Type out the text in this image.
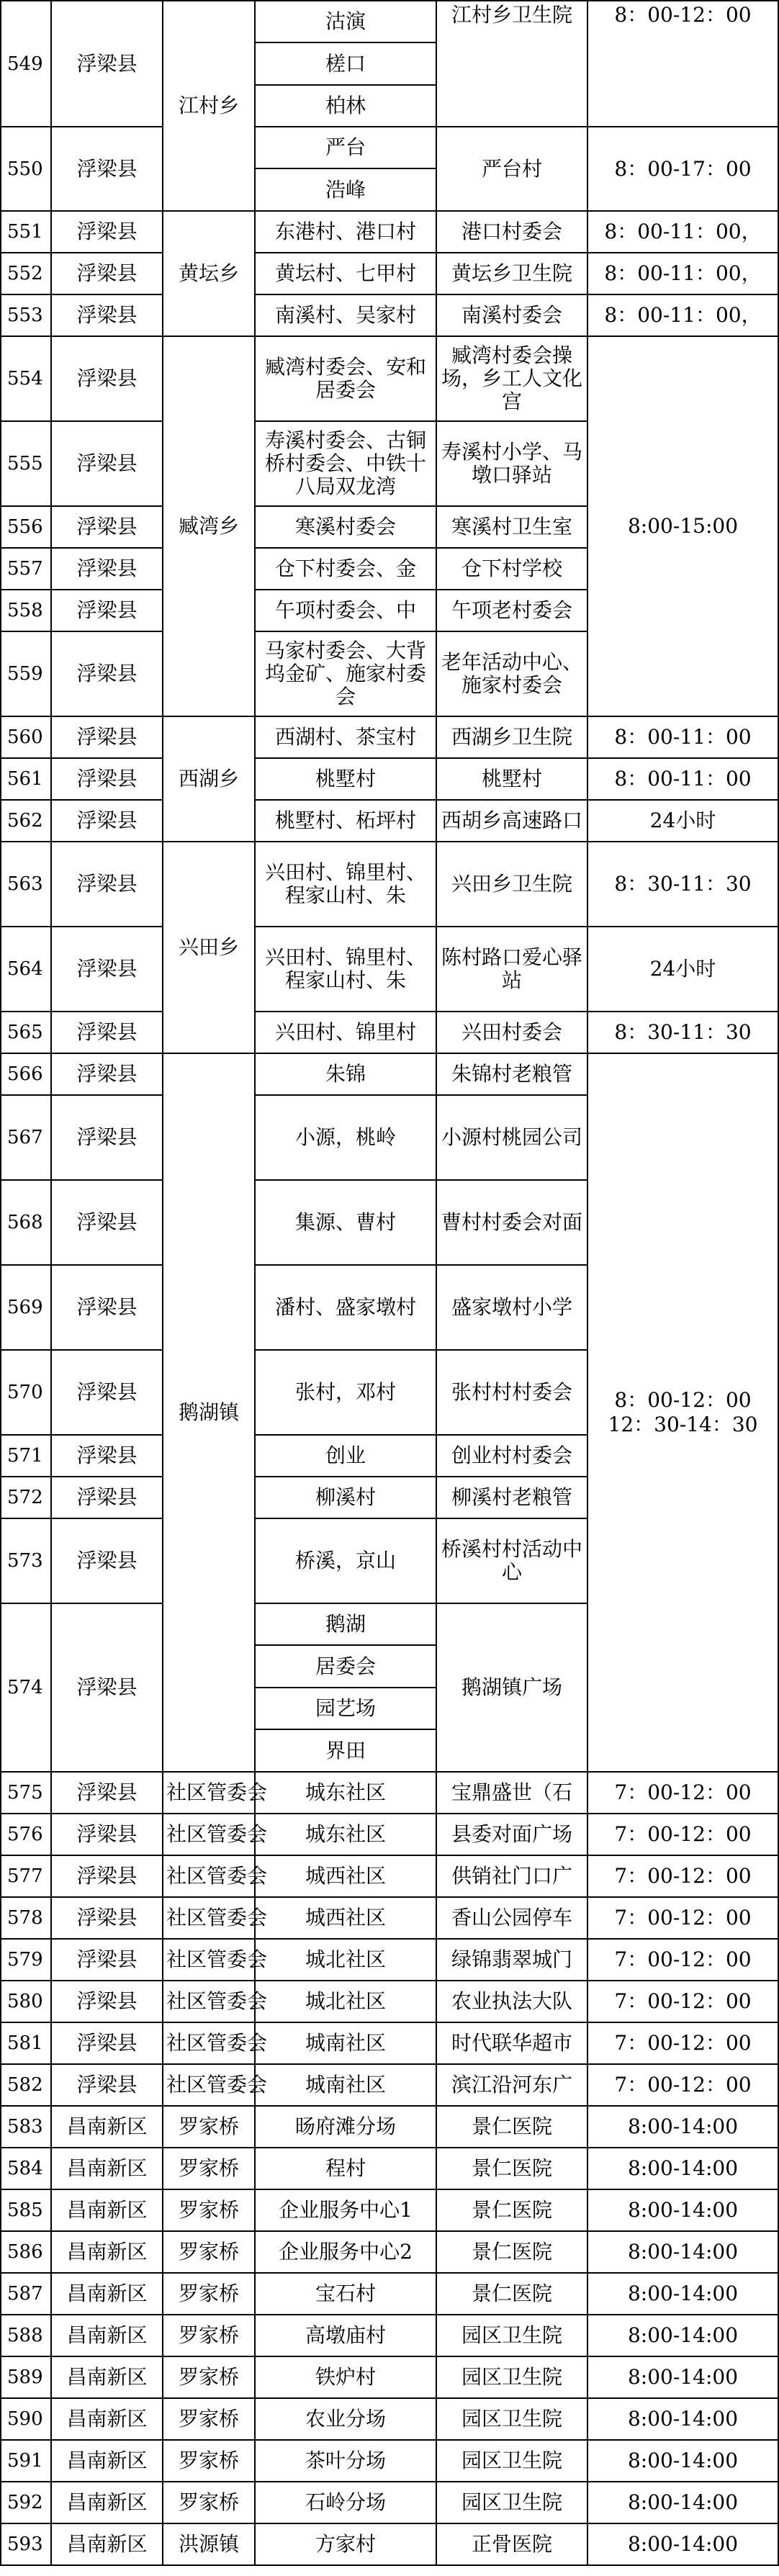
549	浮梁县	江村乡	沽演	江村乡卫生院	8：00-12：00
			槎口		
			柏林		
550	浮梁县		严台	严台村	8：00-17：00
			浩峰		
551	浮梁县	黄坛乡	东港村、港口村	港口村委会	8：00-11：00，
552	浮梁县		黄坛村、七甲村	黄坛乡卫生院	8：00-11：00，
553	浮梁县		南溪村、吴家村	南溪村委会	8：00-11：00，
554	浮梁县	臧湾乡	臧湾村委会、安和居委会	臧湾村委会操场，乡工人文化宫	8:00-15:00
555	浮梁县		寿溪村委会、古铜桥村委会、中铁十八局双龙湾	寿溪村小学、马墩口驿站	
556	浮梁县		寒溪村委会	寒溪村卫生室	
557	浮梁县		仓下村委会、金	仓下村学校	
558	浮梁县		午项村委会、中	午项老村委会	
559	浮梁县		马家村委会、大背坞金矿、施家村委会	老年活动中心、施家村委会	
560	浮梁县	西湖乡	西湖村、茶宝村	西湖乡卫生院	8：00-11：00
561	浮梁县		桃墅村	桃墅村	8：00-11：00
562	浮梁县		桃墅村、柘坪村	西胡乡高速路口	24小时
563	浮梁县	兴田乡	兴田村、锦里村、程家山村、朱	兴田乡卫生院	8：30-11：30
564	浮梁县		兴田村、锦里村、程家山村、朱	陈村路口爱心驿站	24小时
565	浮梁县		兴田村、锦里村	兴田村委会	8：30-11：30
566	浮梁县	鹅湖镇	朱锦	朱锦村老粮管	8：00-12：00
12：30-14：30
567	浮梁县		小源，桃岭	小源村桃园公司	
568	浮梁县		集源、曹村	曹村村委会对面	
569	浮梁县		潘村、盛家墩村	盛家墩村小学	
570	浮梁县		张村，邓村	张村村村委会	
571	浮梁县		创业	创业村村委会	
572	浮梁县		柳溪村	柳溪村老粮管	
573	浮梁县		桥溪，京山	桥溪村村活动中心	
574	浮梁县		鹅湖	鹅湖镇广场	
			居委会		
			园艺场		
			界田		
575	浮梁县	社区管委会	城东社区	宝鼎盛世（石	7：00-12：00
576	浮梁县	社区管委会	城东社区	县委对面广场	7：00-12：00
577	浮梁县	社区管委会	城西社区	供销社门口广	7：00-12：00
578	浮梁县	社区管委会	城西社区	香山公园停车	7：00-12：00
579	浮梁县	社区管委会	城北社区	绿锦翡翠城门	7：00-12：00
580	浮梁县	社区管委会	城北社区	农业执法大队	7：00-12：00
581	浮梁县	社区管委会	城南社区	时代联华超市	7：00-12：00
582	浮梁县	社区管委会	城南社区	滨江沿河东广	7：00-12：00
583	昌南新区	罗家桥	旸府滩分场	景仁医院	8:00-14:00
584	昌南新区	罗家桥	程村	景仁医院	8:00-14:00
585	昌南新区	罗家桥	企业服务中心1	景仁医院	8:00-14:00
586	昌南新区	罗家桥	企业服务中心2	景仁医院	8:00-14:00
587	昌南新区	罗家桥	宝石村	景仁医院	8:00-14:00
588	昌南新区	罗家桥	高墩庙村	园区卫生院	8:00-14:00
589	昌南新区	罗家桥	铁炉村	园区卫生院	8:00-14:00
590	昌南新区	罗家桥	农业分场	园区卫生院	8:00-14:00
591	昌南新区	罗家桥	茶叶分场	园区卫生院	8:00-14:00
592	昌南新区	罗家桥	石岭分场	园区卫生院	8:00-14:00
593	昌南新区	洪源镇	方家村	正骨医院	8:00-14:00
